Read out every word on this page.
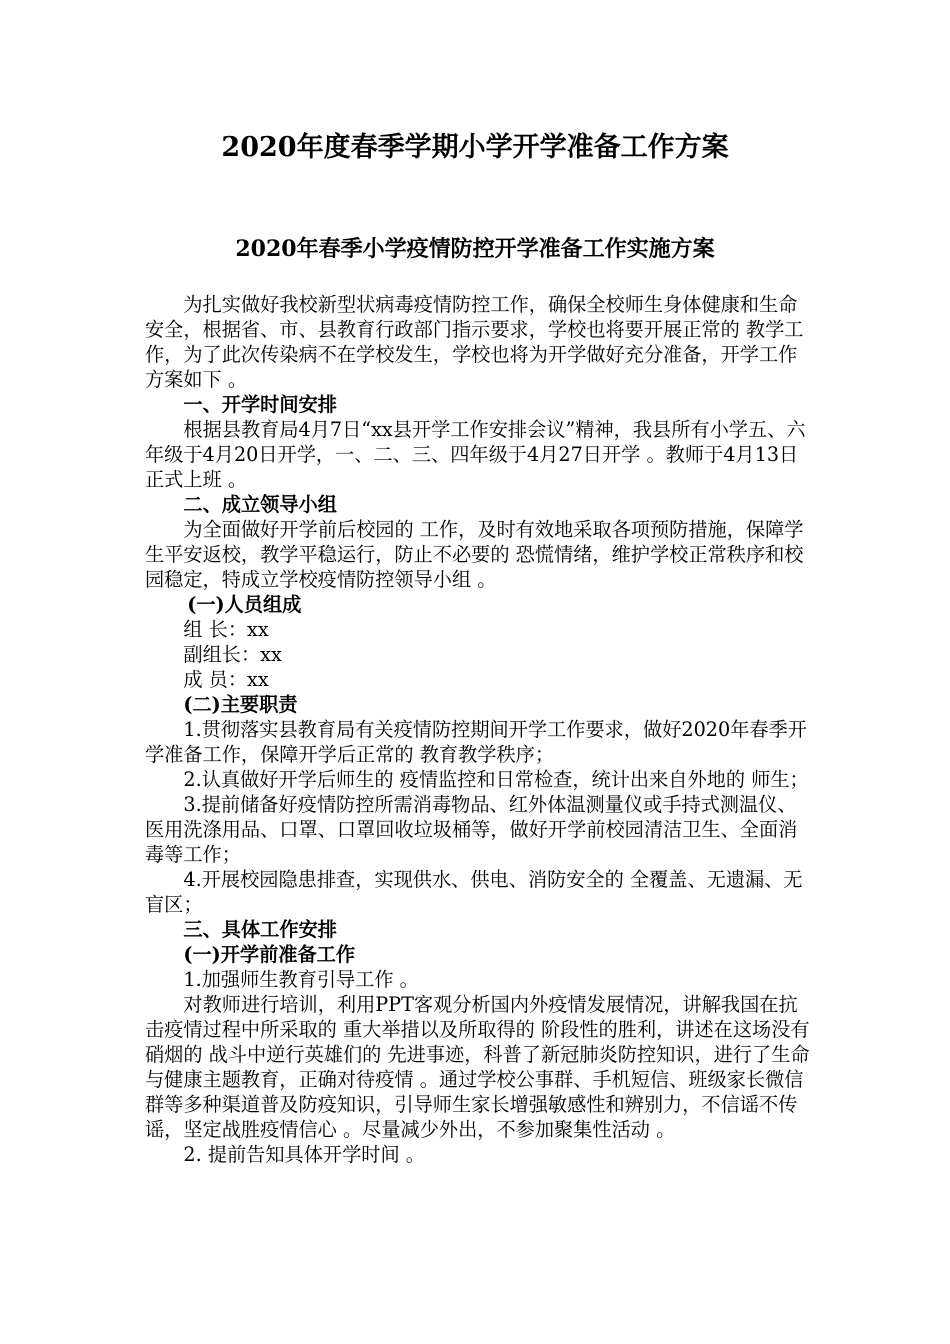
2020年度春季学期小学开学准备工作方案
2020年春季小学疫情防控开学准备工作实施方案

为扎实做好我校新型状病毒疫情防控工作，确保全校师生身体健康和生命安全，根据省、市、县教育行政部门指示要求，学校也将要开展正常的 教学工作，为了此次传染病不在学校发生，学校也将为开学做好充分准备，开学工作方案如下 。

一、开学时间安排

根据县教育局4月7日“xx县开学工作安排会议”精神，我县所有小学五、六年级于4月20日开学，一、二、三、四年级于4月27日开学 。教师于4月13日正式上班 。

二、成立领导小组

为全面做好开学前后校园的 工作，及时有效地采取各项预防措施，保障学生平安返校，教学平稳运行，防止不必要的 恐慌情绪，维护学校正常秩序和校园稳定，特成立学校疫情防控领导小组 。

(一)人员组成

组 长：xx

副组长：xx

成 员：xx

(二)主要职责

1.贯彻落实县教育局有关疫情防控期间开学工作要求，做好2020年春季开学准备工作，保障开学后正常的 教育教学秩序；

2.认真做好开学后师生的 疫情监控和日常检查，统计出来自外地的 师生；

3.提前储备好疫情防控所需消毒物品、红外体温测量仪或手持式测温仪、医用洗涤用品、口罩、口罩回收垃圾桶等，做好开学前校园清洁卫生、全面消毒等工作；

4.开展校园隐患排查，实现供水、供电、消防安全的 全覆盖、无遗漏、无盲区；

三、具体工作安排

(一)开学前准备工作

1.加强师生教育引导工作 。

对教师进行培训，利用PPT客观分析国内外疫情发展情况，讲解我国在抗击疫情过程中所采取的 重大举措以及所取得的 阶段性的胜利，讲述在这场没有硝烟的 战斗中逆行英雄们的 先进事迹，科普了新冠肺炎防控知识，进行了生命与健康主题教育，正确对待疫情 。通过学校公事群、手机短信、班级家长微信群等多种渠道普及防疫知识，引导师生家长增强敏感性和辨别力，不信谣不传谣，坚定战胜疫情信心 。尽量减少外出，不参加聚集性活动 。

2. 提前告知具体开学时间 。
